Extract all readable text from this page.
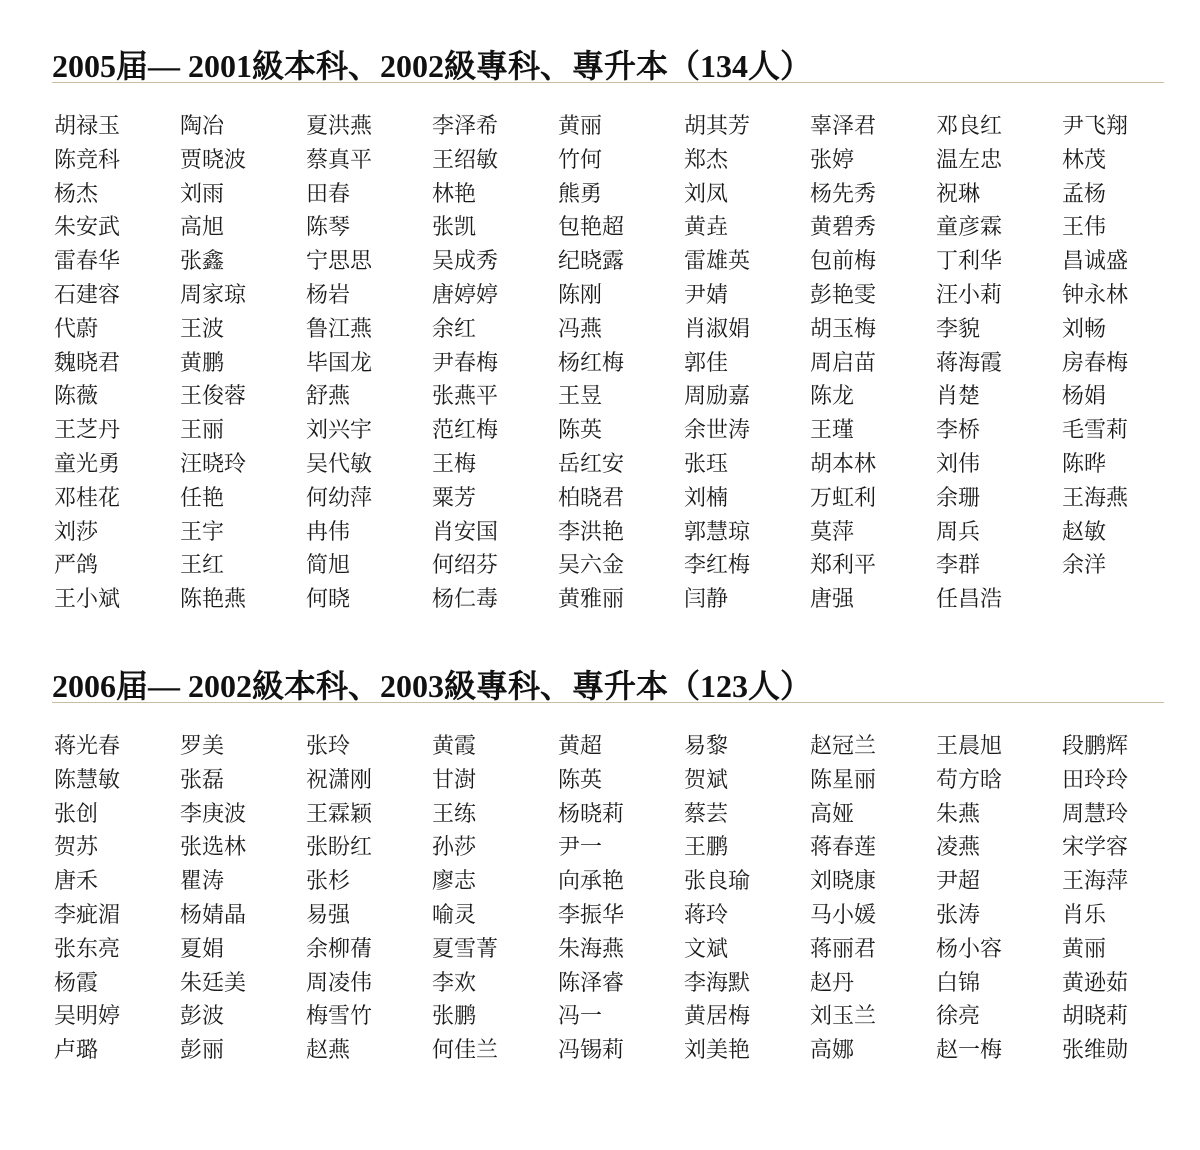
2005届— 2001級本科、2002級專科、專升本（134人）
胡禄玉	陶冶	夏洪燕	李泽希	黄丽	胡其芳	辜泽君	邓良红	尹飞翔
陈竞科	贾晓波	蔡真平	王绍敏	竹何	郑杰	张婷	温左忠	林茂
杨杰	刘雨	田春	林艳	熊勇	刘凤	杨先秀	祝琳	孟杨
朱安武	高旭	陈琴	张凯	包艳超	黄垚	黄碧秀	童彦霖	王伟
雷春华	张鑫	宁思思	吴成秀	纪晓露	雷雄英	包前梅	丁利华	昌诚盛
石建容	周家琼	杨岩	唐婷婷	陈刚	尹婧	彭艳雯	汪小莉	钟永林
代蔚	王波	鲁江燕	余红	冯燕	肖淑娟	胡玉梅	李貌	刘畅
魏晓君	黄鹏	毕国龙	尹春梅	杨红梅	郭佳	周启苗	蒋海霞	房春梅
陈薇	王俊蓉	舒燕	张燕平	王昱	周励嘉	陈龙	肖楚	杨娟
王芝丹	王丽	刘兴宇	范红梅	陈英	余世涛	王瑾	李桥	毛雪莉
童光勇	汪晓玲	吴代敏	王梅	岳红安	张珏	胡本林	刘伟	陈晔
邓桂花	任艳	何幼萍	粟芳	柏晓君	刘楠	万虹利	余珊	王海燕
刘莎	王宇	冉伟	肖安国	李洪艳	郭慧琼	莫萍	周兵	赵敏
严鸽	王红	简旭	何绍芬	吴六金	李红梅	郑利平	李群	余洋
王小斌	陈艳燕	何晓	杨仁毒	黄雅丽	闫静	唐强	任昌浩
2006届— 2002級本科、2003級專科、專升本（123人）
蒋光春	罗美	张玲	黄霞	黄超	易黎	赵冠兰	王晨旭	段鹏辉
陈慧敏	张磊	祝潇刚	甘澍	陈英	贺斌	陈星丽	苟方晗	田玲玲
张创	李庚波	王霖颖	王练	杨晓莉	蔡芸	高娅	朱燕	周慧玲
贺苏	张选林	张盼红	孙莎	尹一	王鹏	蒋春莲	凌燕	宋学容
唐禾	瞿涛	张杉	廖志	向承艳	张良瑜	刘晓康	尹超	王海萍
李疵湄	杨婧晶	易强	喻灵	李振华	蒋玲	马小媛	张涛	肖乐
张东亮	夏娟	余柳蒨	夏雪菁	朱海燕	文斌	蒋丽君	杨小容	黄丽
杨霞	朱廷美	周凌伟	李欢	陈泽睿	李海默	赵丹	白锦	黄逊茹
吴明婷	彭波	梅雪竹	张鹏	冯一	黄居梅	刘玉兰	徐亮	胡晓莉
卢璐	彭丽	赵燕	何佳兰	冯锡莉	刘美艳	高娜	赵一梅	张维勋
